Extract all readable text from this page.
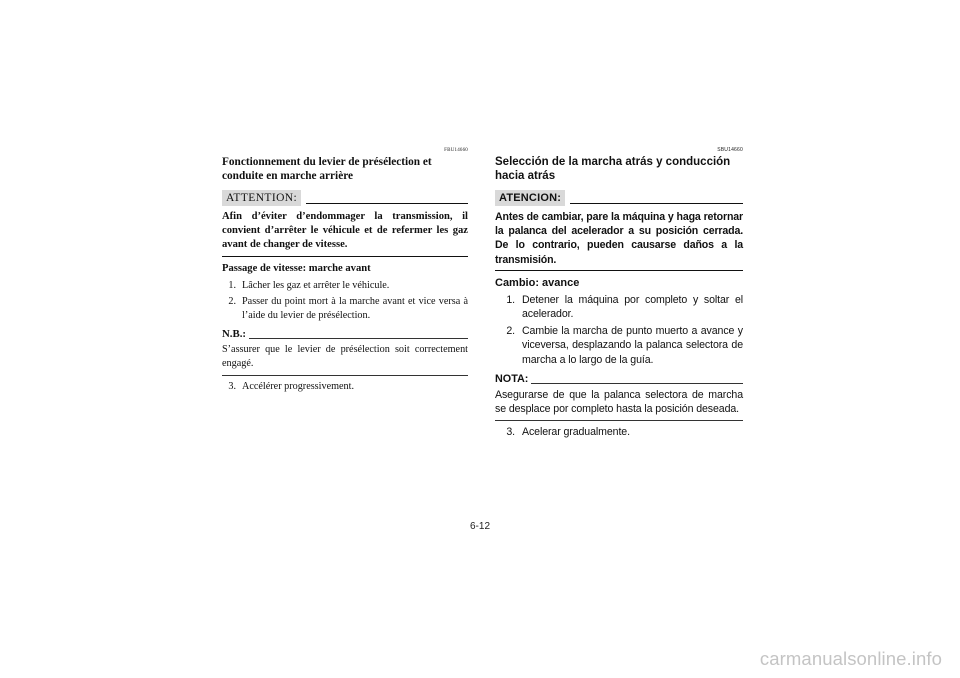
FBU14660
Fonctionnement du levier de présélection et conduite en marche arrière
ATTENTION:
Afin d’éviter d’endommager la transmission, il convient d’arrêter le véhicule et de refermer les gaz avant de changer de vitesse.
Passage de vitesse: marche avant
1. Lâcher les gaz et arrêter le véhicule.
2. Passer du point mort à la marche avant et vice versa à l’aide du levier de présélection.
N.B.:
S’assurer que le levier de présélection soit correctement engagé.
3. Accélérer progressivement.
SBU14660
Selección de la marcha atrás y conducción hacia atrás
ATENCION:
Antes de cambiar, pare la máquina y haga retornar la palanca del acelerador a su posición cerrada. De lo contrario, pueden causarse daños a la transmisión.
Cambio: avance
1. Detener la máquina por completo y soltar el acelerador.
2. Cambie la marcha de punto muerto a avance y viceversa, desplazando la palanca selectora de marcha a lo largo de la guía.
NOTA:
Asegurarse de que la palanca selectora de marcha se desplace por completo hasta la posición deseada.
3. Acelerar gradualmente.
6-12
carmanualsonline.info
